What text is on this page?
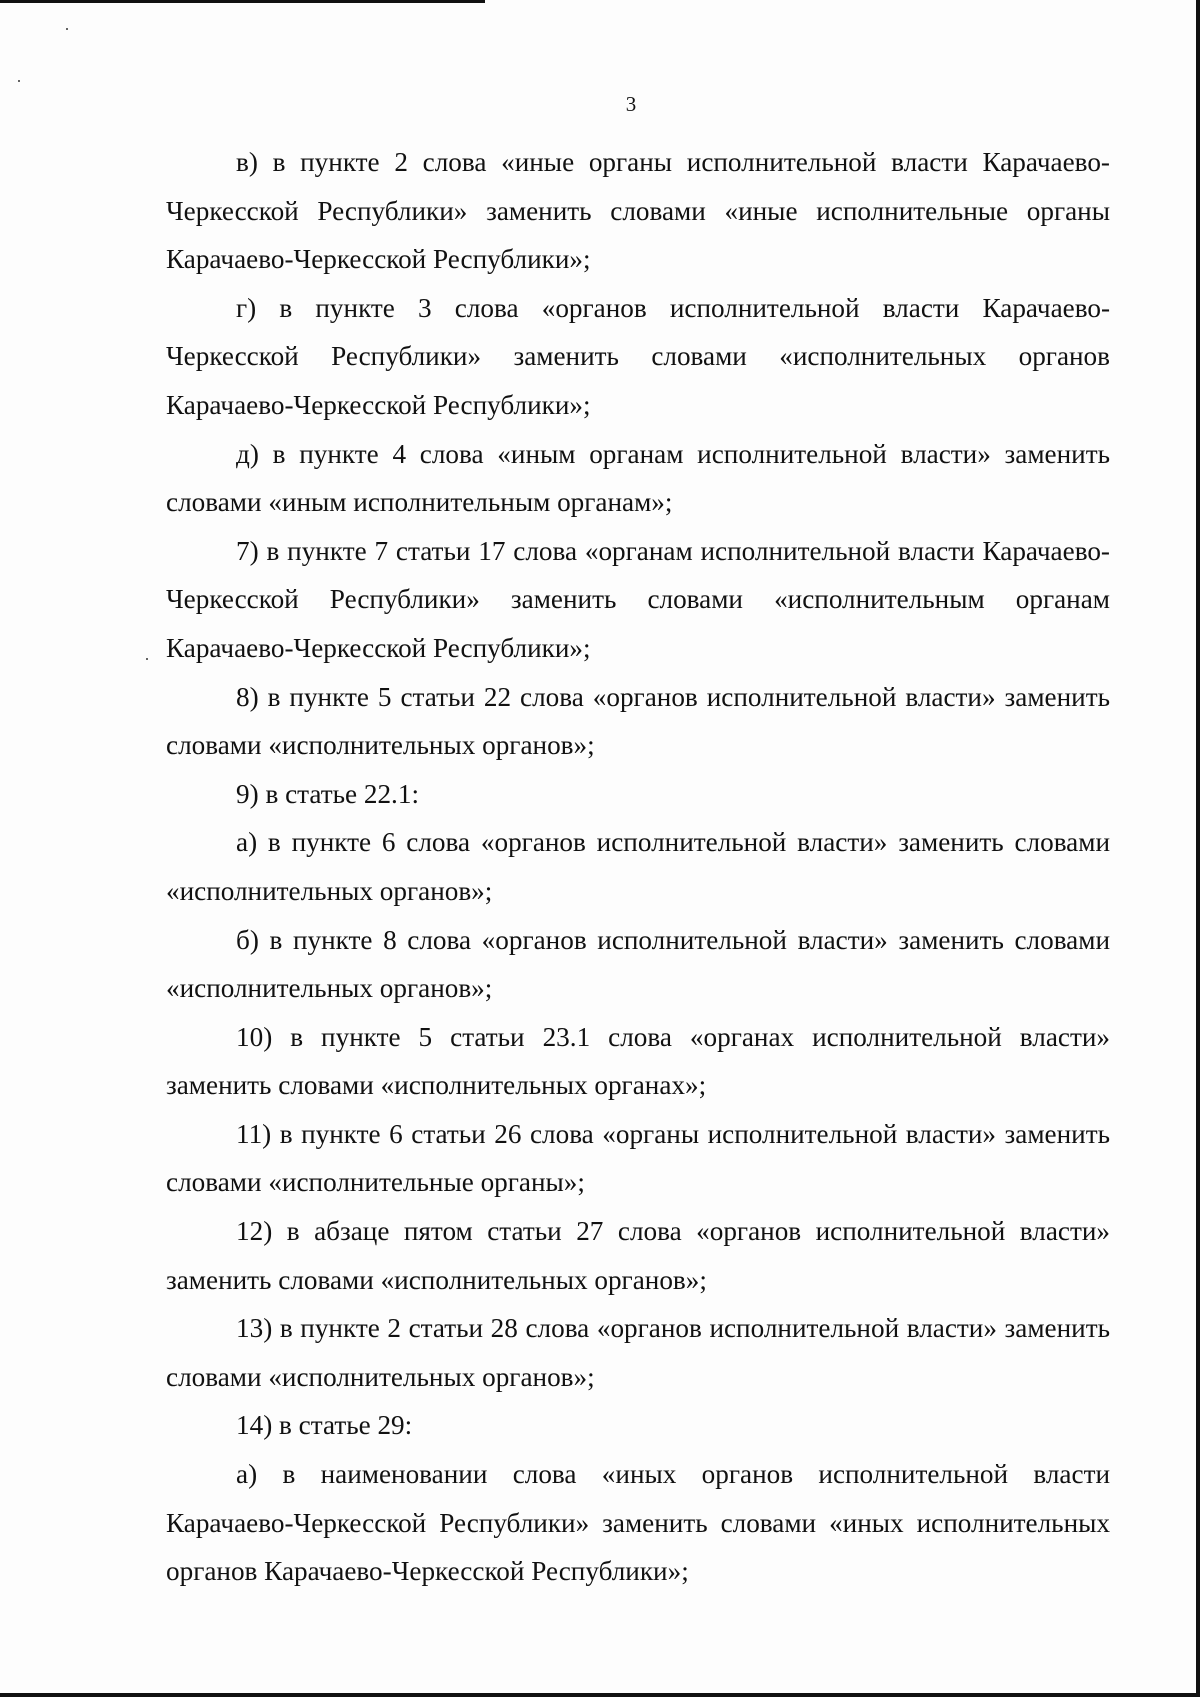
3

в) в пункте 2 слова «иные органы исполнительной власти Карачаево-Черкесской Республики» заменить словами «иные исполнительные органы Карачаево-Черкесской Республики»;

г) в пункте 3 слова «органов исполнительной власти Карачаево-Черкесской Республики» заменить словами «исполнительных органов Карачаево-Черкесской Республики»;

д) в пункте 4 слова «иным органам исполнительной власти» заменить словами «иным исполнительным органам»;

7) в пункте 7 статьи 17 слова «органам исполнительной власти Карачаево-Черкесской Республики» заменить словами «исполнительным органам Карачаево-Черкесской Республики»;

8) в пункте 5 статьи 22 слова «органов исполнительной власти» заменить словами «исполнительных органов»;

9) в статье 22.1:

а) в пункте 6 слова «органов исполнительной власти» заменить словами «исполнительных органов»;

б) в пункте 8 слова «органов исполнительной власти» заменить словами «исполнительных органов»;

10) в пункте 5 статьи 23.1 слова «органах исполнительной власти» заменить словами «исполнительных органах»;

11) в пункте 6 статьи 26 слова «органы исполнительной власти» заменить словами «исполнительные органы»;

12) в абзаце пятом статьи 27 слова «органов исполнительной власти» заменить словами «исполнительных органов»;

13) в пункте 2 статьи 28 слова «органов исполнительной власти» заменить словами «исполнительных органов»;

14) в статье 29:

а) в наименовании слова «иных органов исполнительной власти Карачаево-Черкесской Республики» заменить словами «иных исполнительных органов Карачаево-Черкесской Республики»;
